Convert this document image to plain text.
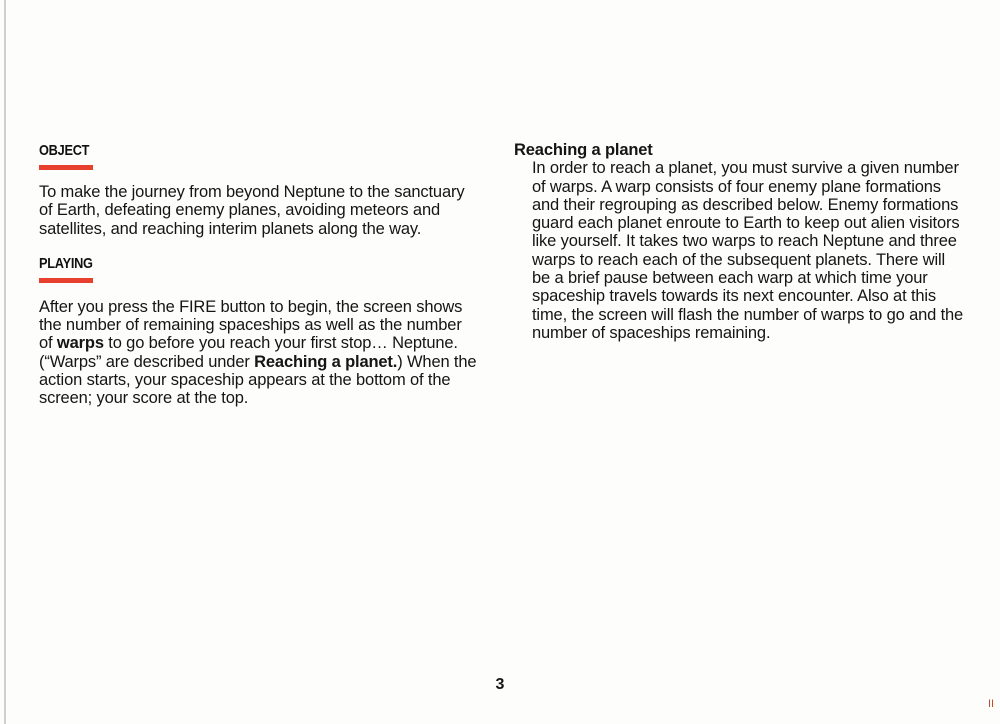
OBJECT

To make the journey from beyond Neptune to the sanctuary of Earth, defeating enemy planes, avoiding meteors and satellites, and reaching interim planets along the way.

PLAYING

After you press the FIRE button to begin, the screen shows the number of remaining spaceships as well as the number of warps to go before you reach your first stop… Neptune. (“Warps” are described under Reaching a planet.) When the action starts, your spaceship appears at the bottom of the screen; your score at the top.

Reaching a planet

In order to reach a planet, you must survive a given number of warps. A warp consists of four enemy plane formations and their regrouping as described below. Enemy formations guard each planet enroute to Earth to keep out alien visitors like yourself. It takes two warps to reach Neptune and three warps to reach each of the subsequent planets. There will be a brief pause between each warp at which time your spaceship travels towards its next encounter. Also at this time, the screen will flash the number of warps to go and the number of spaceships remaining.

3
II
